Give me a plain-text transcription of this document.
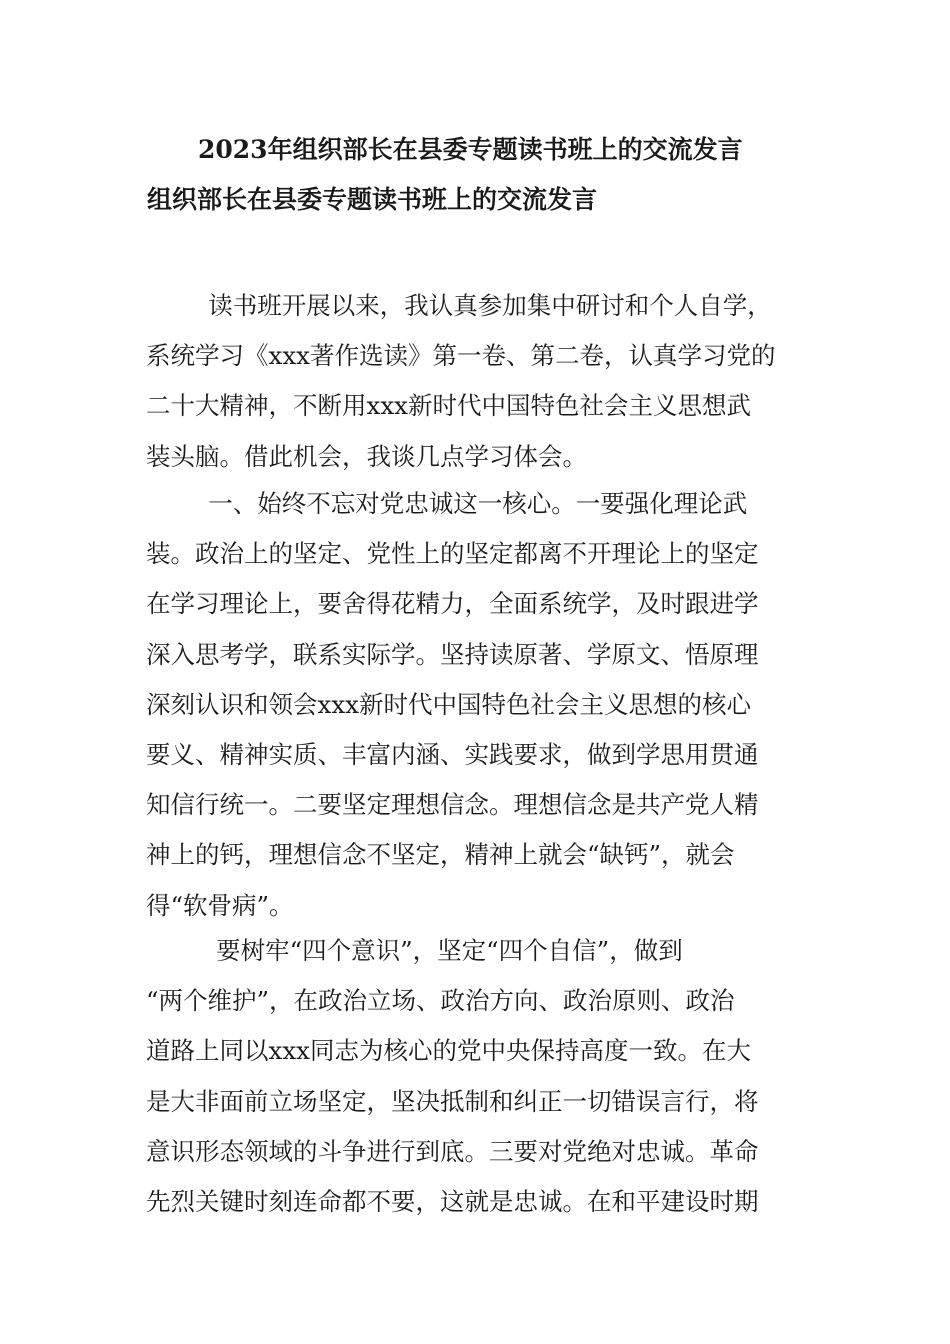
2023年组织部长在县委专题读书班上的交流发言
组织部长在县委专题读书班上的交流发言
读书班开展以来，我认真参加集中研讨和个人自学，
系统学习《xxx著作选读》第一卷、第二卷，认真学习党的
二十大精神，不断用xxx新时代中国特色社会主义思想武
装头脑。借此机会，我谈几点学习体会。
一、始终不忘对党忠诚这一核心。一要强化理论武
装。政治上的坚定、党性上的坚定都离不开理论上的坚定
在学习理论上，要舍得花精力，全面系统学，及时跟进学
深入思考学，联系实际学。坚持读原著、学原文、悟原理
深刻认识和领会xxx新时代中国特色社会主义思想的核心
要义、精神实质、丰富内涵、实践要求，做到学思用贯通
知信行统一。二要坚定理想信念。理想信念是共产党人精
神上的钙，理想信念不坚定，精神上就会“缺钙”，就会
得“软骨病”。
要树牢“四个意识”，坚定“四个自信”，做到
“两个维护”，在政治立场、政治方向、政治原则、政治
道路上同以xxx同志为核心的党中央保持高度一致。在大
是大非面前立场坚定，坚决抵制和纠正一切错误言行，将
意识形态领域的斗争进行到底。三要对党绝对忠诚。革命
先烈关键时刻连命都不要，这就是忠诚。在和平建设时期
